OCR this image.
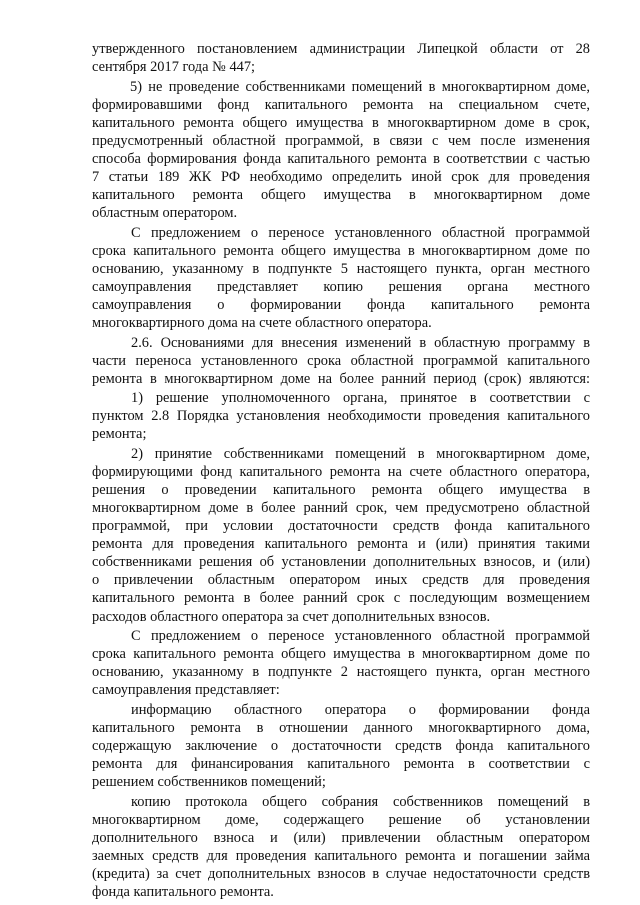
утвержденного постановлением администрации Липецкой области от 28
сентября 2017 года № 447;
5) не проведение собственниками помещений в многоквартирном доме,
формировавшими фонд капитального ремонта на специальном счете,
капитального ремонта общего имущества в многоквартирном доме в срок,
предусмотренный областной программой, в связи с чем после изменения
способа формирования фонда капитального ремонта в соответствии с частью
7 статьи 189 ЖК РФ необходимо определить иной срок для проведения
капитального ремонта общего имущества в многоквартирном доме
областным оператором.
С предложением о переносе установленного областной программой
срока капитального ремонта общего имущества в многоквартирном доме по
основанию, указанному в подпункте 5 настоящего пункта, орган местного
самоуправления представляет копию решения органа местного
самоуправления о формировании фонда капитального ремонта
многоквартирного дома на счете областного оператора.
2.6. Основаниями для внесения изменений в областную программу в
части переноса установленного срока областной программой капитального
ремонта в многоквартирном доме на более ранний период (срок) являются:
1) решение уполномоченного органа, принятое в соответствии с
пунктом 2.8 Порядка установления необходимости проведения капитального
ремонта;
2) принятие собственниками помещений в многоквартирном доме,
формирующими фонд капитального ремонта на счете областного оператора,
решения о проведении капитального ремонта общего имущества в
многоквартирном доме в более ранний срок, чем предусмотрено областной
программой, при условии достаточности средств фонда капитального
ремонта для проведения капитального ремонта и (или) принятия такими
собственниками решения об установлении дополнительных взносов, и (или)
о привлечении областным оператором иных средств для проведения
капитального ремонта в более ранний срок с последующим возмещением
расходов областного оператора за счет дополнительных взносов.
С предложением о переносе установленного областной программой
срока капитального ремонта общего имущества в многоквартирном доме по
основанию, указанному в подпункте 2 настоящего пункта, орган местного
самоуправления представляет:
информацию областного оператора о формировании фонда
капитального ремонта в отношении данного многоквартирного дома,
содержащую заключение о достаточности средств фонда капитального
ремонта для финансирования капитального ремонта в соответствии с
решением собственников помещений;
копию протокола общего собрания собственников помещений в
многоквартирном доме, содержащего решение об установлении
дополнительного взноса и (или) привлечении областным оператором
заемных средств для проведения капитального ремонта и погашении займа
(кредита) за счет дополнительных взносов в случае недостаточности средств
фонда капитального ремонта.
